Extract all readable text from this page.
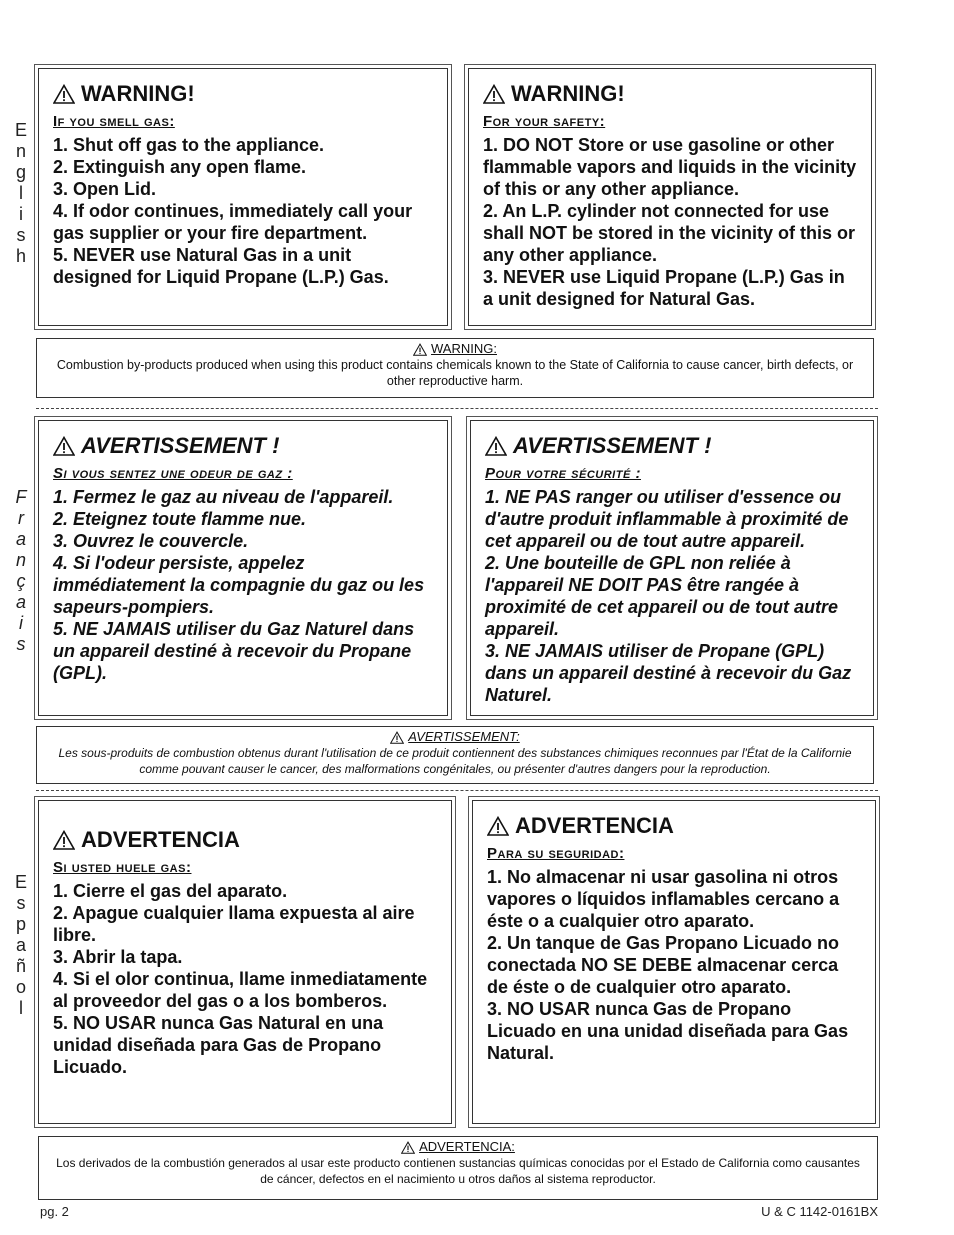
E
n
g
l
i
s
h
F
r
a
n
ç
a
i
s
E
s
p
a
ñ
o
l
WARNING!
If you smell gas:
1. Shut off gas to the appliance.
2. Extinguish any open flame.
3. Open Lid.
4. If odor continues, immediately call your gas supplier or your fire department.
5. NEVER use Natural Gas in a unit designed for Liquid Propane (L.P.) Gas.
WARNING!
For your safety:
1. DO NOT Store or use gasoline or other flammable vapors and liquids in the vicinity of this or any other appliance.
2. An L.P. cylinder not connected for use shall NOT be stored in the vicinity of this or any other appliance.
3. NEVER use Liquid Propane (L.P.) Gas in a unit designed for Natural Gas.
WARNING:
Combustion by-products produced when using this product contains chemicals known to the State of California to cause cancer, birth defects, or other reproductive harm.
AVERTISSEMENT !
Si vous sentez une odeur de gaz :
1. Fermez le gaz au niveau de l'appareil.
2. Eteignez toute flamme nue.
3. Ouvrez le couvercle.
4. Si l'odeur persiste, appelez immédiatement la compagnie du gaz ou les sapeurs-pompiers.
5. NE JAMAIS utiliser du Gaz Naturel dans un appareil destiné à recevoir du Propane (GPL).
AVERTISSEMENT !
Pour votre sécurité :
1. NE PAS ranger ou utiliser d'essence ou d'autre produit inflammable à proximité de cet appareil ou de tout autre appareil.
2. Une bouteille de GPL non reliée à l'appareil NE DOIT PAS être rangée à proximité de cet appareil ou de tout autre appareil.
3. NE JAMAIS utiliser de Propane (GPL) dans un appareil destiné à recevoir du Gaz Naturel.
AVERTISSEMENT:
Les sous-produits de combustion obtenus durant l'utilisation de ce produit contiennent des substances chimiques reconnues par l'État de la Californie comme pouvant causer le cancer, des malformations congénitales, ou présenter d'autres dangers pour la reproduction.
ADVERTENCIA
Si usted huele gas:
1. Cierre el gas del aparato.
2. Apague cualquier llama expuesta al aire libre.
3. Abrir la tapa.
4. Si el olor continua, llame inmediatamente al proveedor del gas o a los bomberos.
5. NO USAR nunca Gas Natural en una unidad diseñada para Gas de Propano Licuado.
ADVERTENCIA
Para su seguridad:
1. No almacenar ni usar gasolina ni otros vapores o líquidos inflamables cercano a éste o a cualquier otro aparato.
2. Un tanque de Gas Propano Licuado no conectada NO SE DEBE almacenar cerca de éste o de cualquier otro aparato.
3. NO USAR nunca Gas de Propano Licuado en una unidad diseñada para Gas Natural.
ADVERTENCIA:
Los derivados de la combustión generados al usar este producto contienen sustancias químicas conocidas por el Estado de California como causantes de cáncer, defectos en el nacimiento u otros daños al sistema reproductor.
pg. 2	U & C 1142-0161BX
